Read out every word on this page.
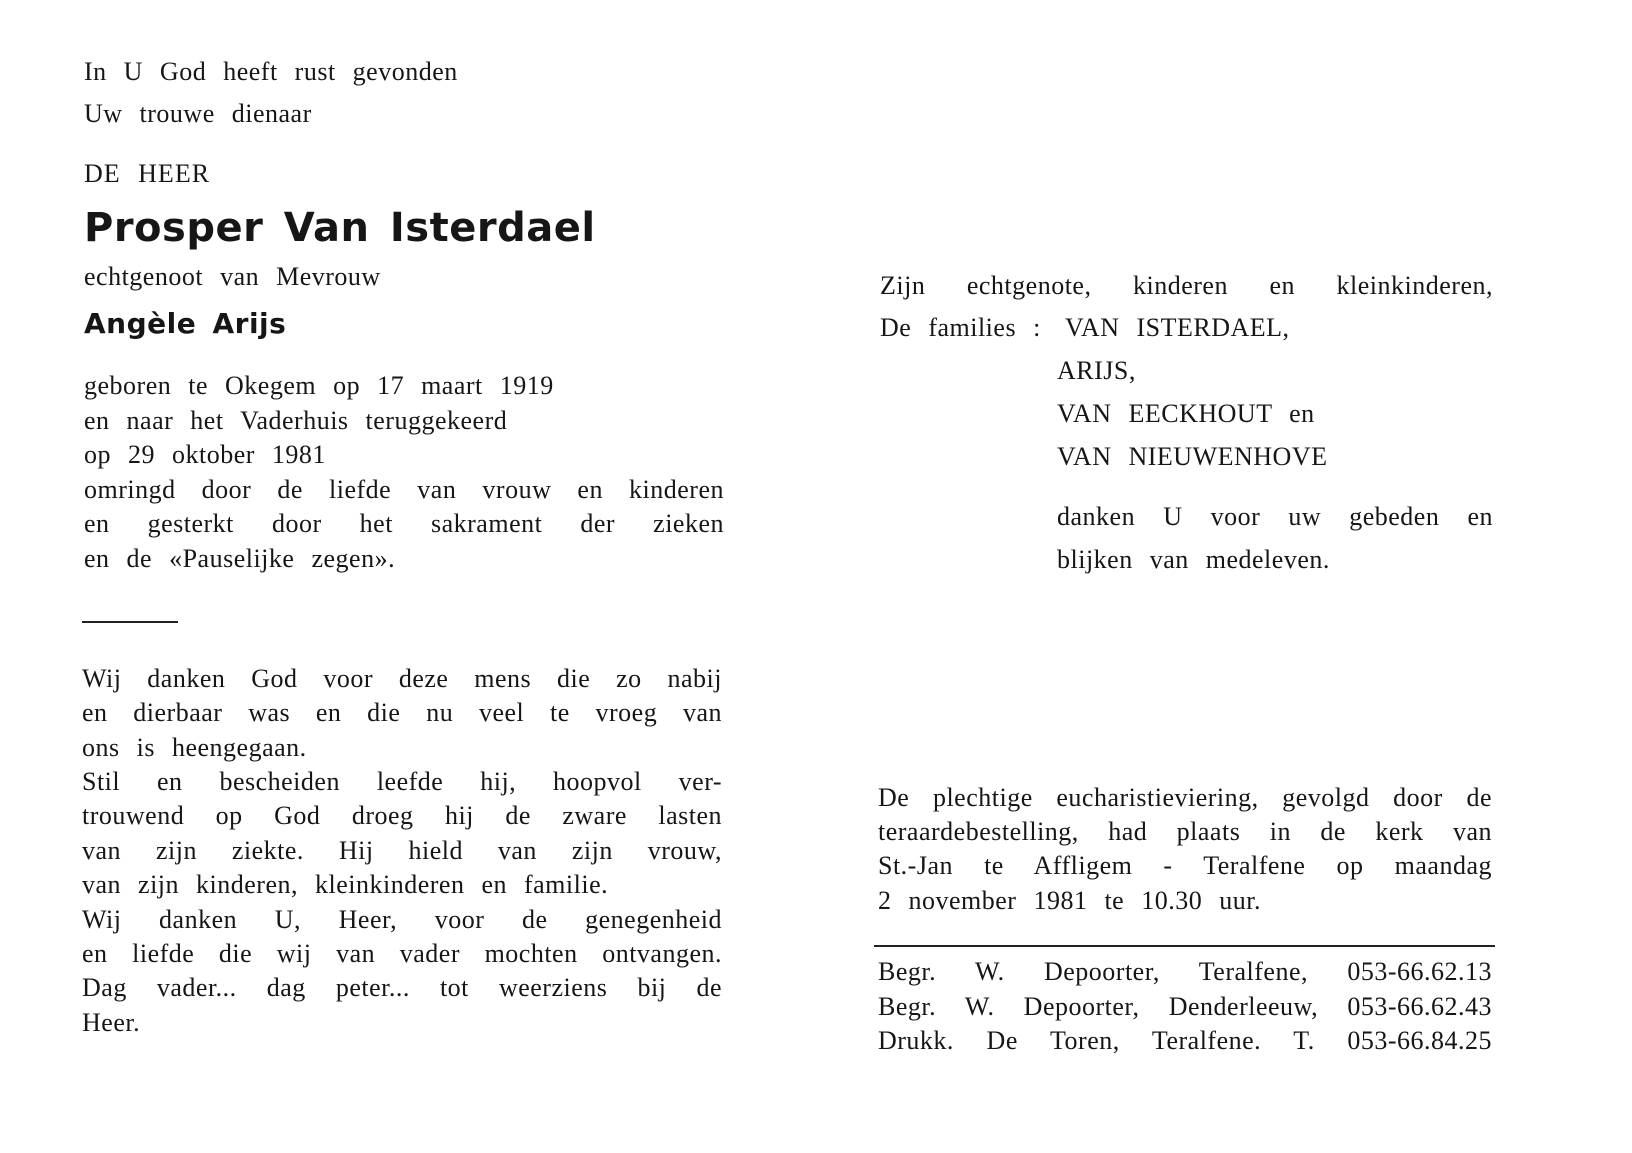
In U God heeft rust gevonden
Uw trouwe dienaar
DE HEER
Prosper Van Isterdael
echtgenoot van Mevrouw
Angèle Arijs
geboren te Okegem op 17 maart 1919
en naar het Vaderhuis teruggekeerd
op 29 oktober 1981
omringd door de liefde van vrouw en kinderen
en gesterkt door het sakrament der zieken
en de «Pauselijke zegen».
Wij danken God voor deze mens die zo nabij
en dierbaar was en die nu veel te vroeg van
ons is heengegaan.
Stil en bescheiden leefde hij, hoopvol ver-
trouwend op God droeg hij de zware lasten
van zijn ziekte. Hij hield van zijn vrouw,
van zijn kinderen, kleinkinderen en familie.
Wij danken U, Heer, voor de genegenheid
en liefde die wij van vader mochten ontvangen.
Dag vader... dag peter... tot weerziens bij de
Heer.
Zijn echtgenote, kinderen en kleinkinderen,
De families : VAN ISTERDAEL,
ARIJS,
VAN EECKHOUT en
VAN NIEUWENHOVE
danken U voor uw gebeden en
blijken van medeleven.
De plechtige eucharistieviering, gevolgd door de
teraardebestelling, had plaats in de kerk van
St.-Jan te Affligem - Teralfene op maandag
2 november 1981 te 10.30 uur.
Begr. W. Depoorter, Teralfene, 053-66.62.13
Begr. W. Depoorter, Denderleeuw, 053-66.62.43
Drukk. De Toren, Teralfene. T. 053-66.84.25
